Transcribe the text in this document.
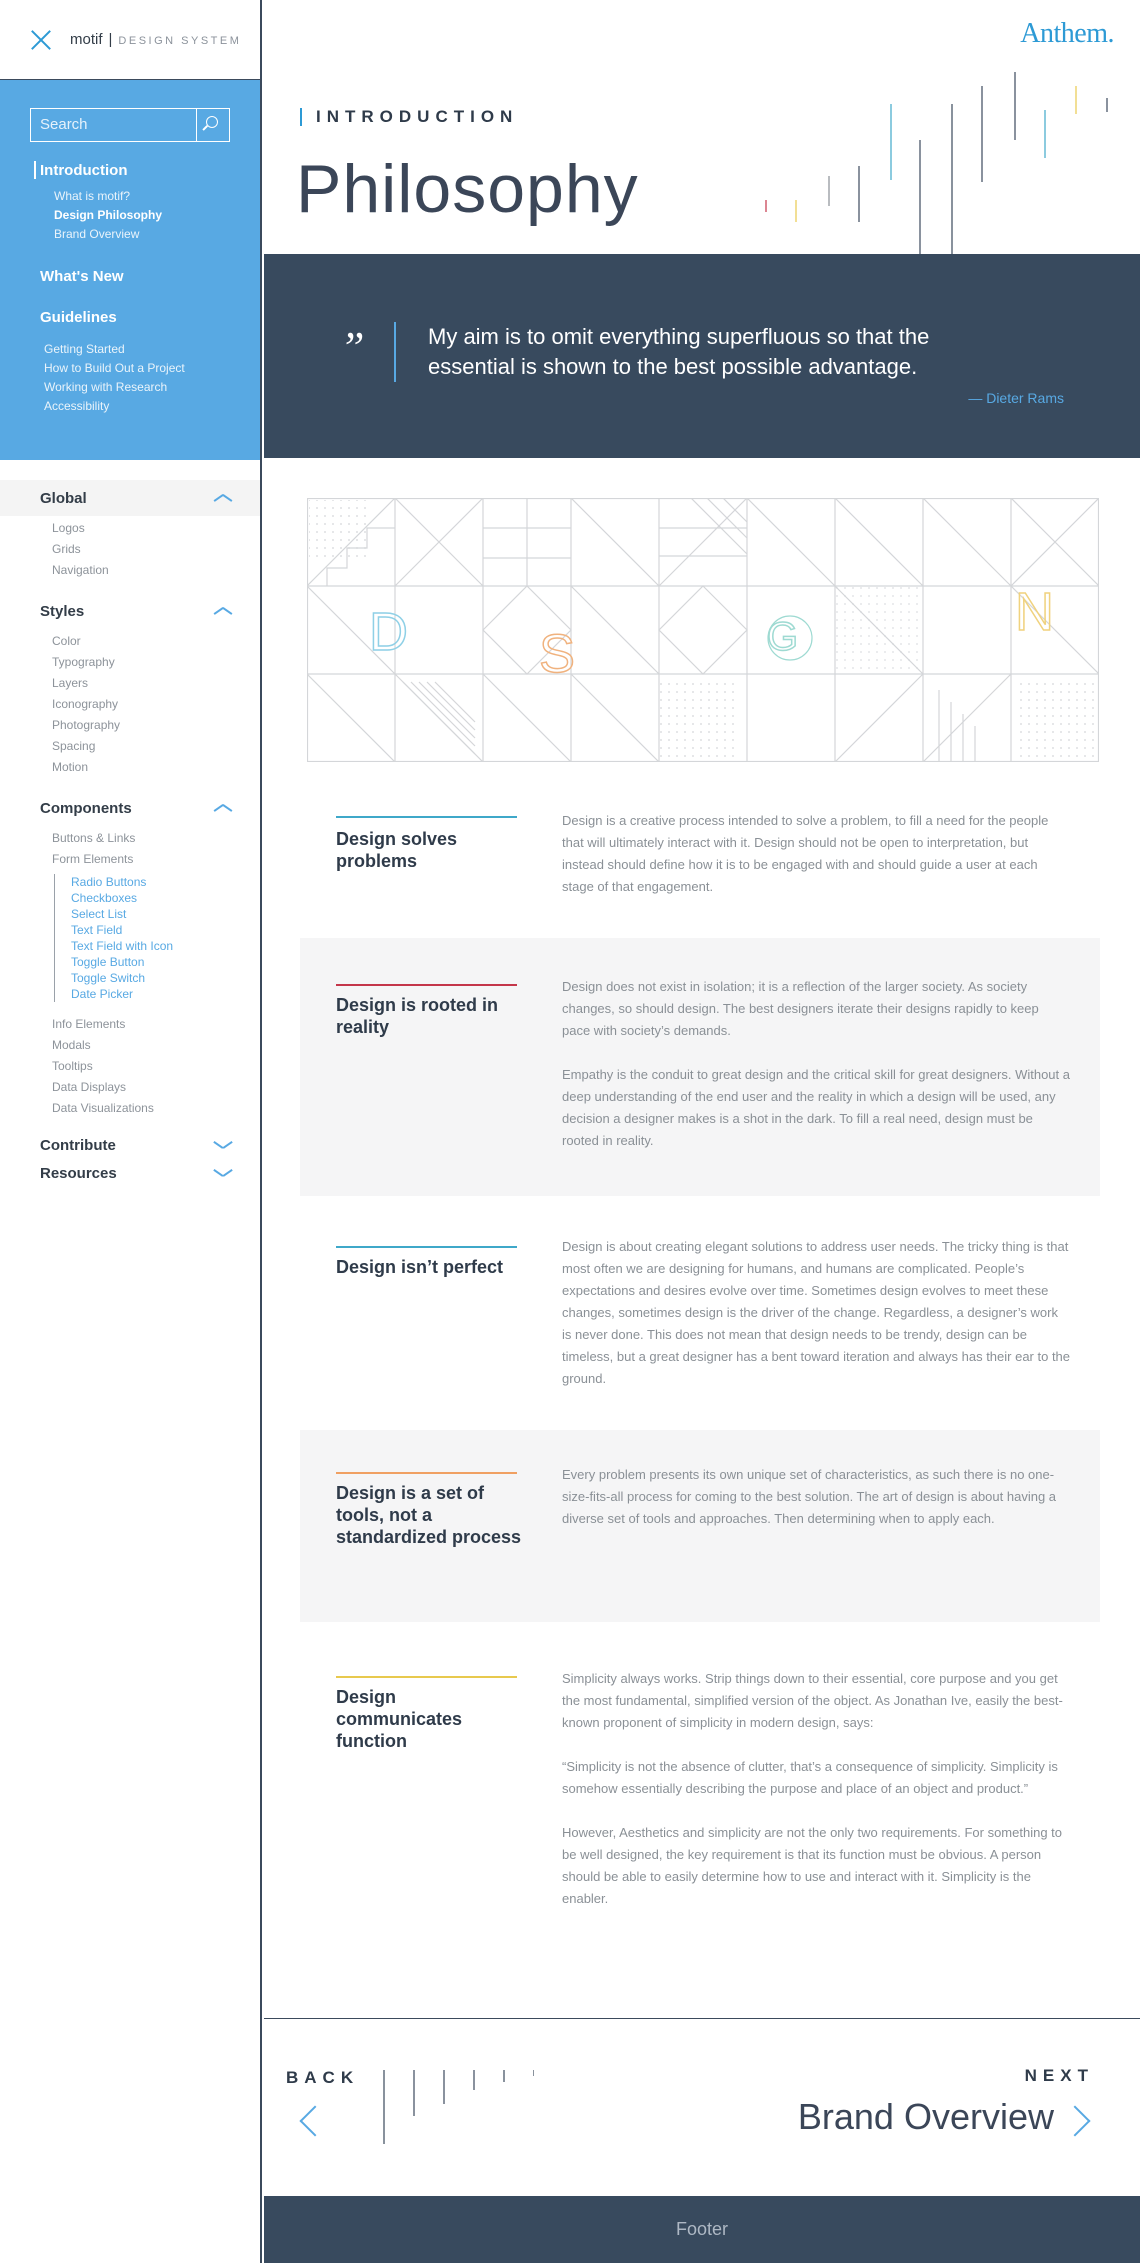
motif | DESIGN SYSTEM
Search
Introduction
What is motif?
Design Philosophy
Brand Overview
What's New
Guidelines
Getting Started
How to Build Out a Project
Working with Research
Accessibility
Global
Logos
Grids
Navigation
Styles
Color
Typography
Layers
Iconography
Photography
Spacing
Motion
Components
Buttons & Links
Form Elements
Radio Buttons
Checkboxes
Select List
Text Field
Text Field with Icon
Toggle Button
Toggle Switch
Date Picker
Info Elements
Modals
Tooltips
Data Displays
Data Visualizations
Contribute
Resources
Anthem.
INTRODUCTION
Philosophy
”	My aim is to omit everything superfluous so that the essential is shown to the best possible advantage.
— Dieter Rams
D S	G	N
Design solves problems

Design is a creative process intended to solve a problem, to fill a need for the people that will ultimately interact with it. Design should not be open to interpretation, but instead should define how it is to be engaged with and should guide a user at each stage of that engagement.

Design is rooted in reality

Design does not exist in isolation; it is a reflection of the larger society. As society changes, so should design. The best designers iterate their designs rapidly to keep pace with society’s demands.

Empathy is the conduit to great design and the critical skill for great designers. Without a deep understanding of the end user and the reality in which a design will be used, any decision a designer makes is a shot in the dark. To fill a real need, design must be rooted in reality.

Design isn’t perfect

Design is about creating elegant solutions to address user needs. The tricky thing is that most often we are designing for humans, and humans are complicated. People’s expectations and desires evolve over time. Sometimes design evolves to meet these changes, sometimes design is the driver of the change. Regardless, a designer’s work is never done. This does not mean that design needs to be trendy, design can be timeless, but a great designer has a bent toward iteration and always has their ear to the ground.

Design is a set of tools, not a standardized process

Every problem presents its own unique set of characteristics, as such there is no one-size-fits-all process for coming to the best solution. The art of design is about having a diverse set of tools and approaches. Then determining when to apply each.

Design communicates function

Simplicity always works. Strip things down to their essential, core purpose and you get the most fundamental, simplified version of the object. As Jonathan Ive, easily the best-known proponent of simplicity in modern design, says:

“Simplicity is not the absence of clutter, that’s a consequence of simplicity. Simplicity is somehow essentially describing the purpose and place of an object and product.”

However, Aesthetics and simplicity are not the only two requirements. For something to be well designed, the key requirement is that its function must be obvious. A person should be able to easily determine how to use and interact with it. Simplicity is the enabler.

BACK	NEXT
Brand Overview
Footer
